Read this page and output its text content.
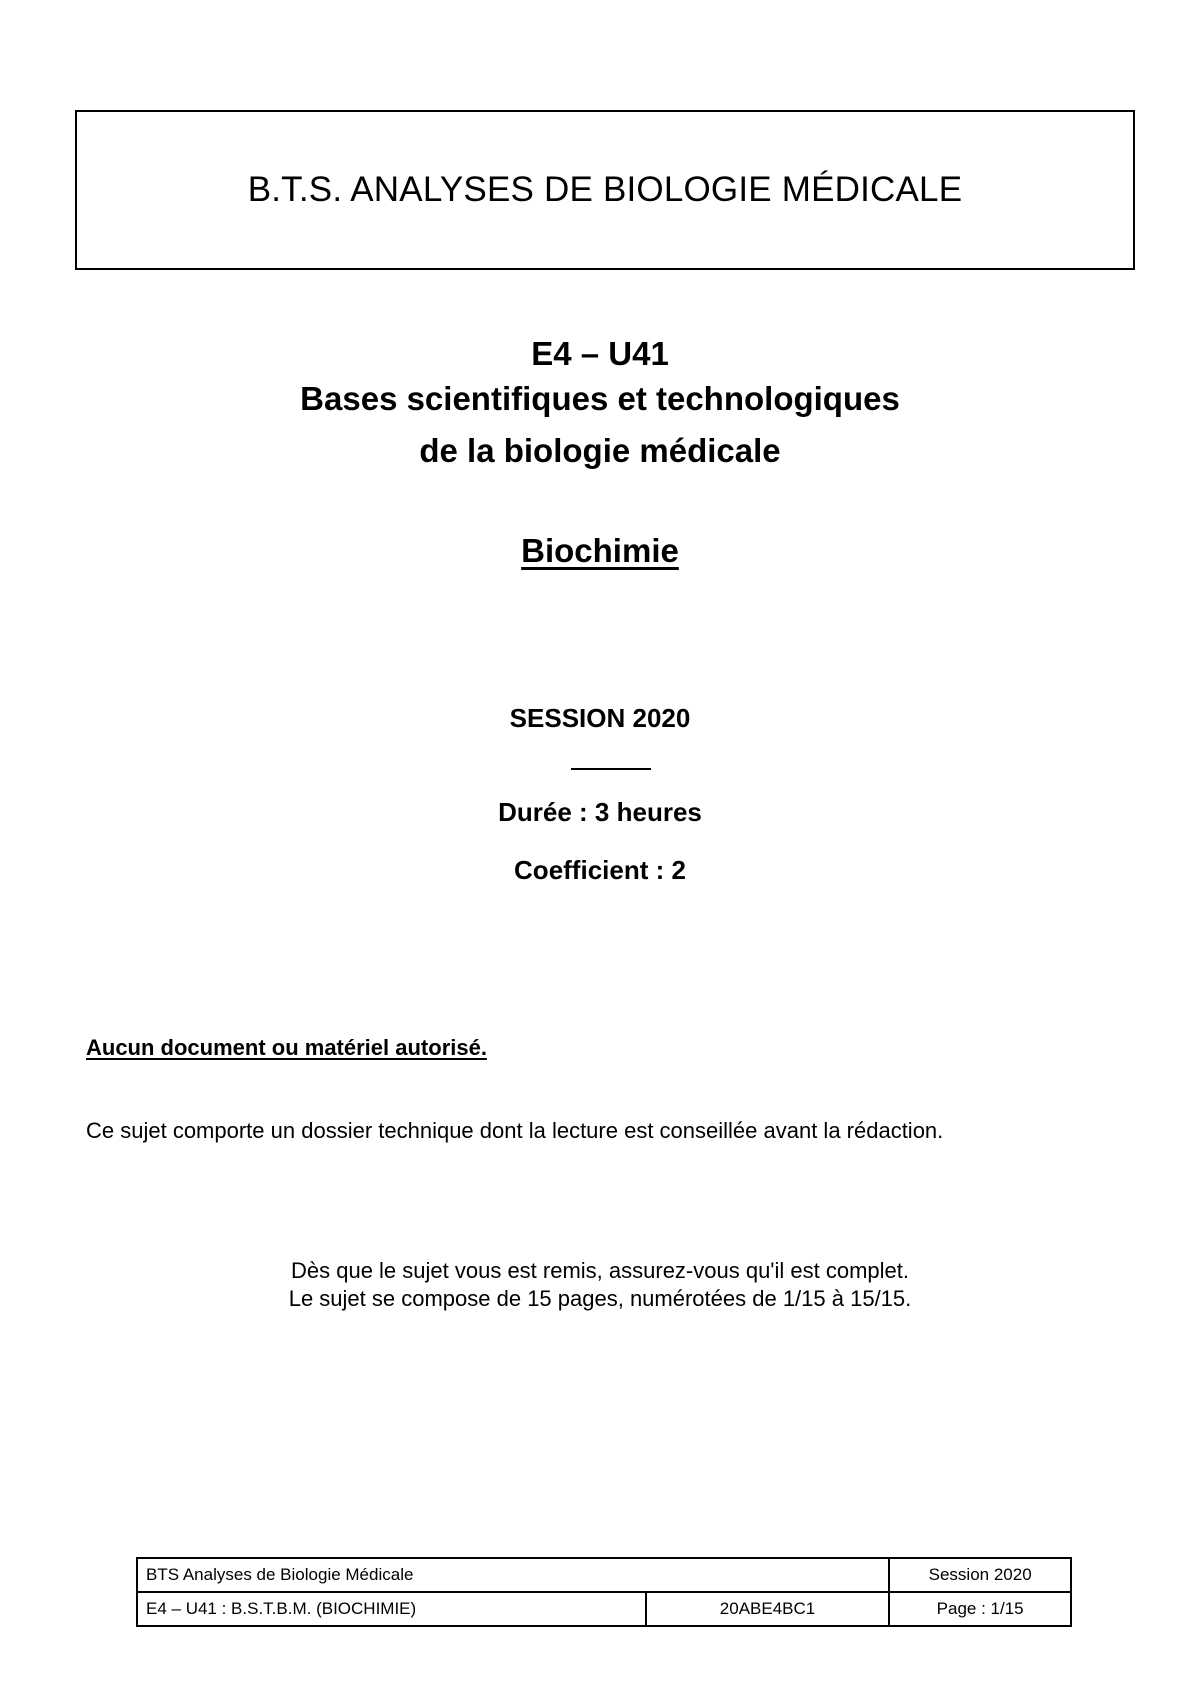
B.T.S. ANALYSES DE BIOLOGIE MÉDICALE
E4 – U41
Bases scientifiques et technologiques
de la biologie médicale
Biochimie
SESSION 2020
Durée : 3 heures
Coefficient : 2
Aucun document ou matériel autorisé.
Ce sujet comporte un dossier technique dont la lecture est conseillée avant la rédaction.
Dès que le sujet vous est remis, assurez-vous qu'il est complet.
Le sujet se compose de 15 pages, numérotées de 1/15 à 15/15.
BTS Analyses de Biologie Médicale		Session 2020
E4 – U41 : B.S.T.B.M. (BIOCHIMIE)	20ABE4BC1	Page : 1/15
